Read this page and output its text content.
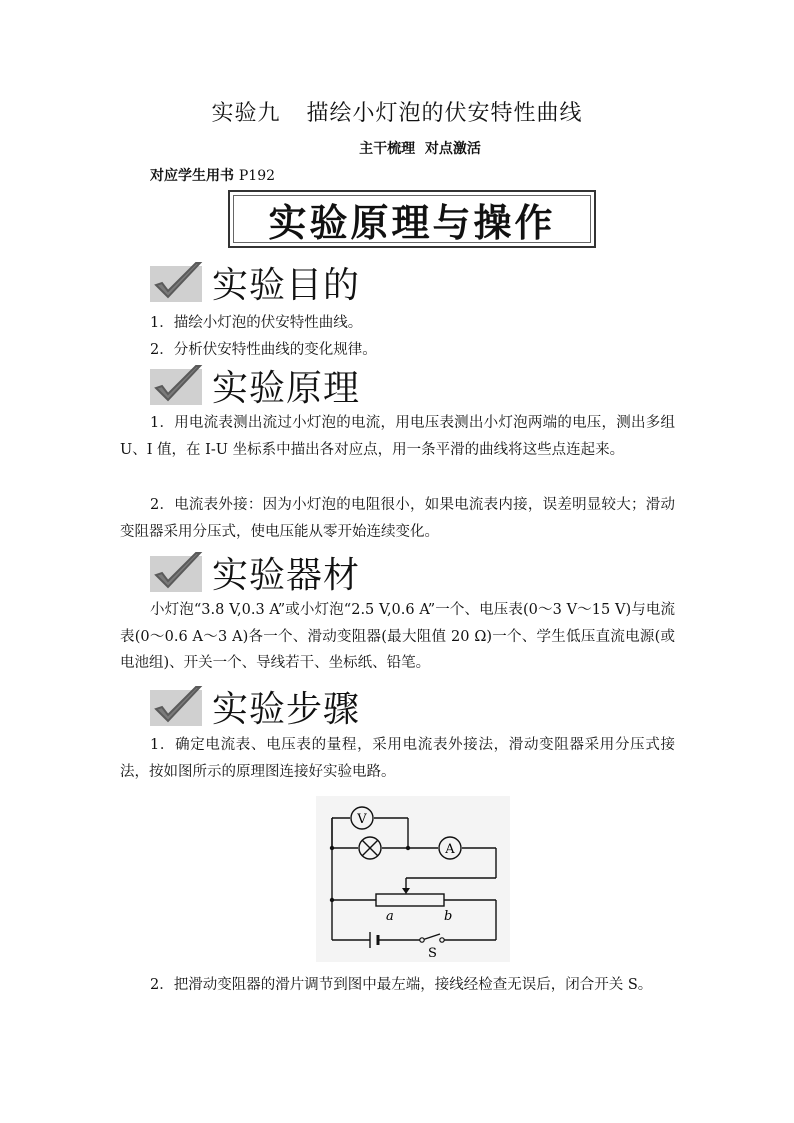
实验九 描绘小灯泡的伏安特性曲线
主干梳理  对点激活
对应学生用书 P192
实验原理与操作
实验目的
1．描绘小灯泡的伏安特性曲线。
2．分析伏安特性曲线的变化规律。
实验原理
1．用电流表测出流过小灯泡的电流，用电压表测出小灯泡两端的电压，测出多组 U、I 值，在 I-U 坐标系中描出各对应点，用一条平滑的曲线将这些点连起来。
2．电流表外接：因为小灯泡的电阻很小，如果电流表内接，误差明显较大；滑动变阻器采用分压式，使电压能从零开始连续变化。
实验器材
小灯泡“3.8 V,0.3 A”或小灯泡“2.5 V,0.6 A”一个、电压表(0～3 V～15 V)与电流表(0～0.6 A～3 A)各一个、滑动变阻器(最大阻值 20 Ω)一个、学生低压直流电源(或电池组)、开关一个、导线若干、坐标纸、铅笔。
实验步骤
1．确定电流表、电压表的量程，采用电流表外接法，滑动变阻器采用分压式接法，按如图所示的原理图连接好实验电路。
V
A
a	b
S
2．把滑动变阻器的滑片调节到图中最左端，接线经检查无误后，闭合开关 S。
